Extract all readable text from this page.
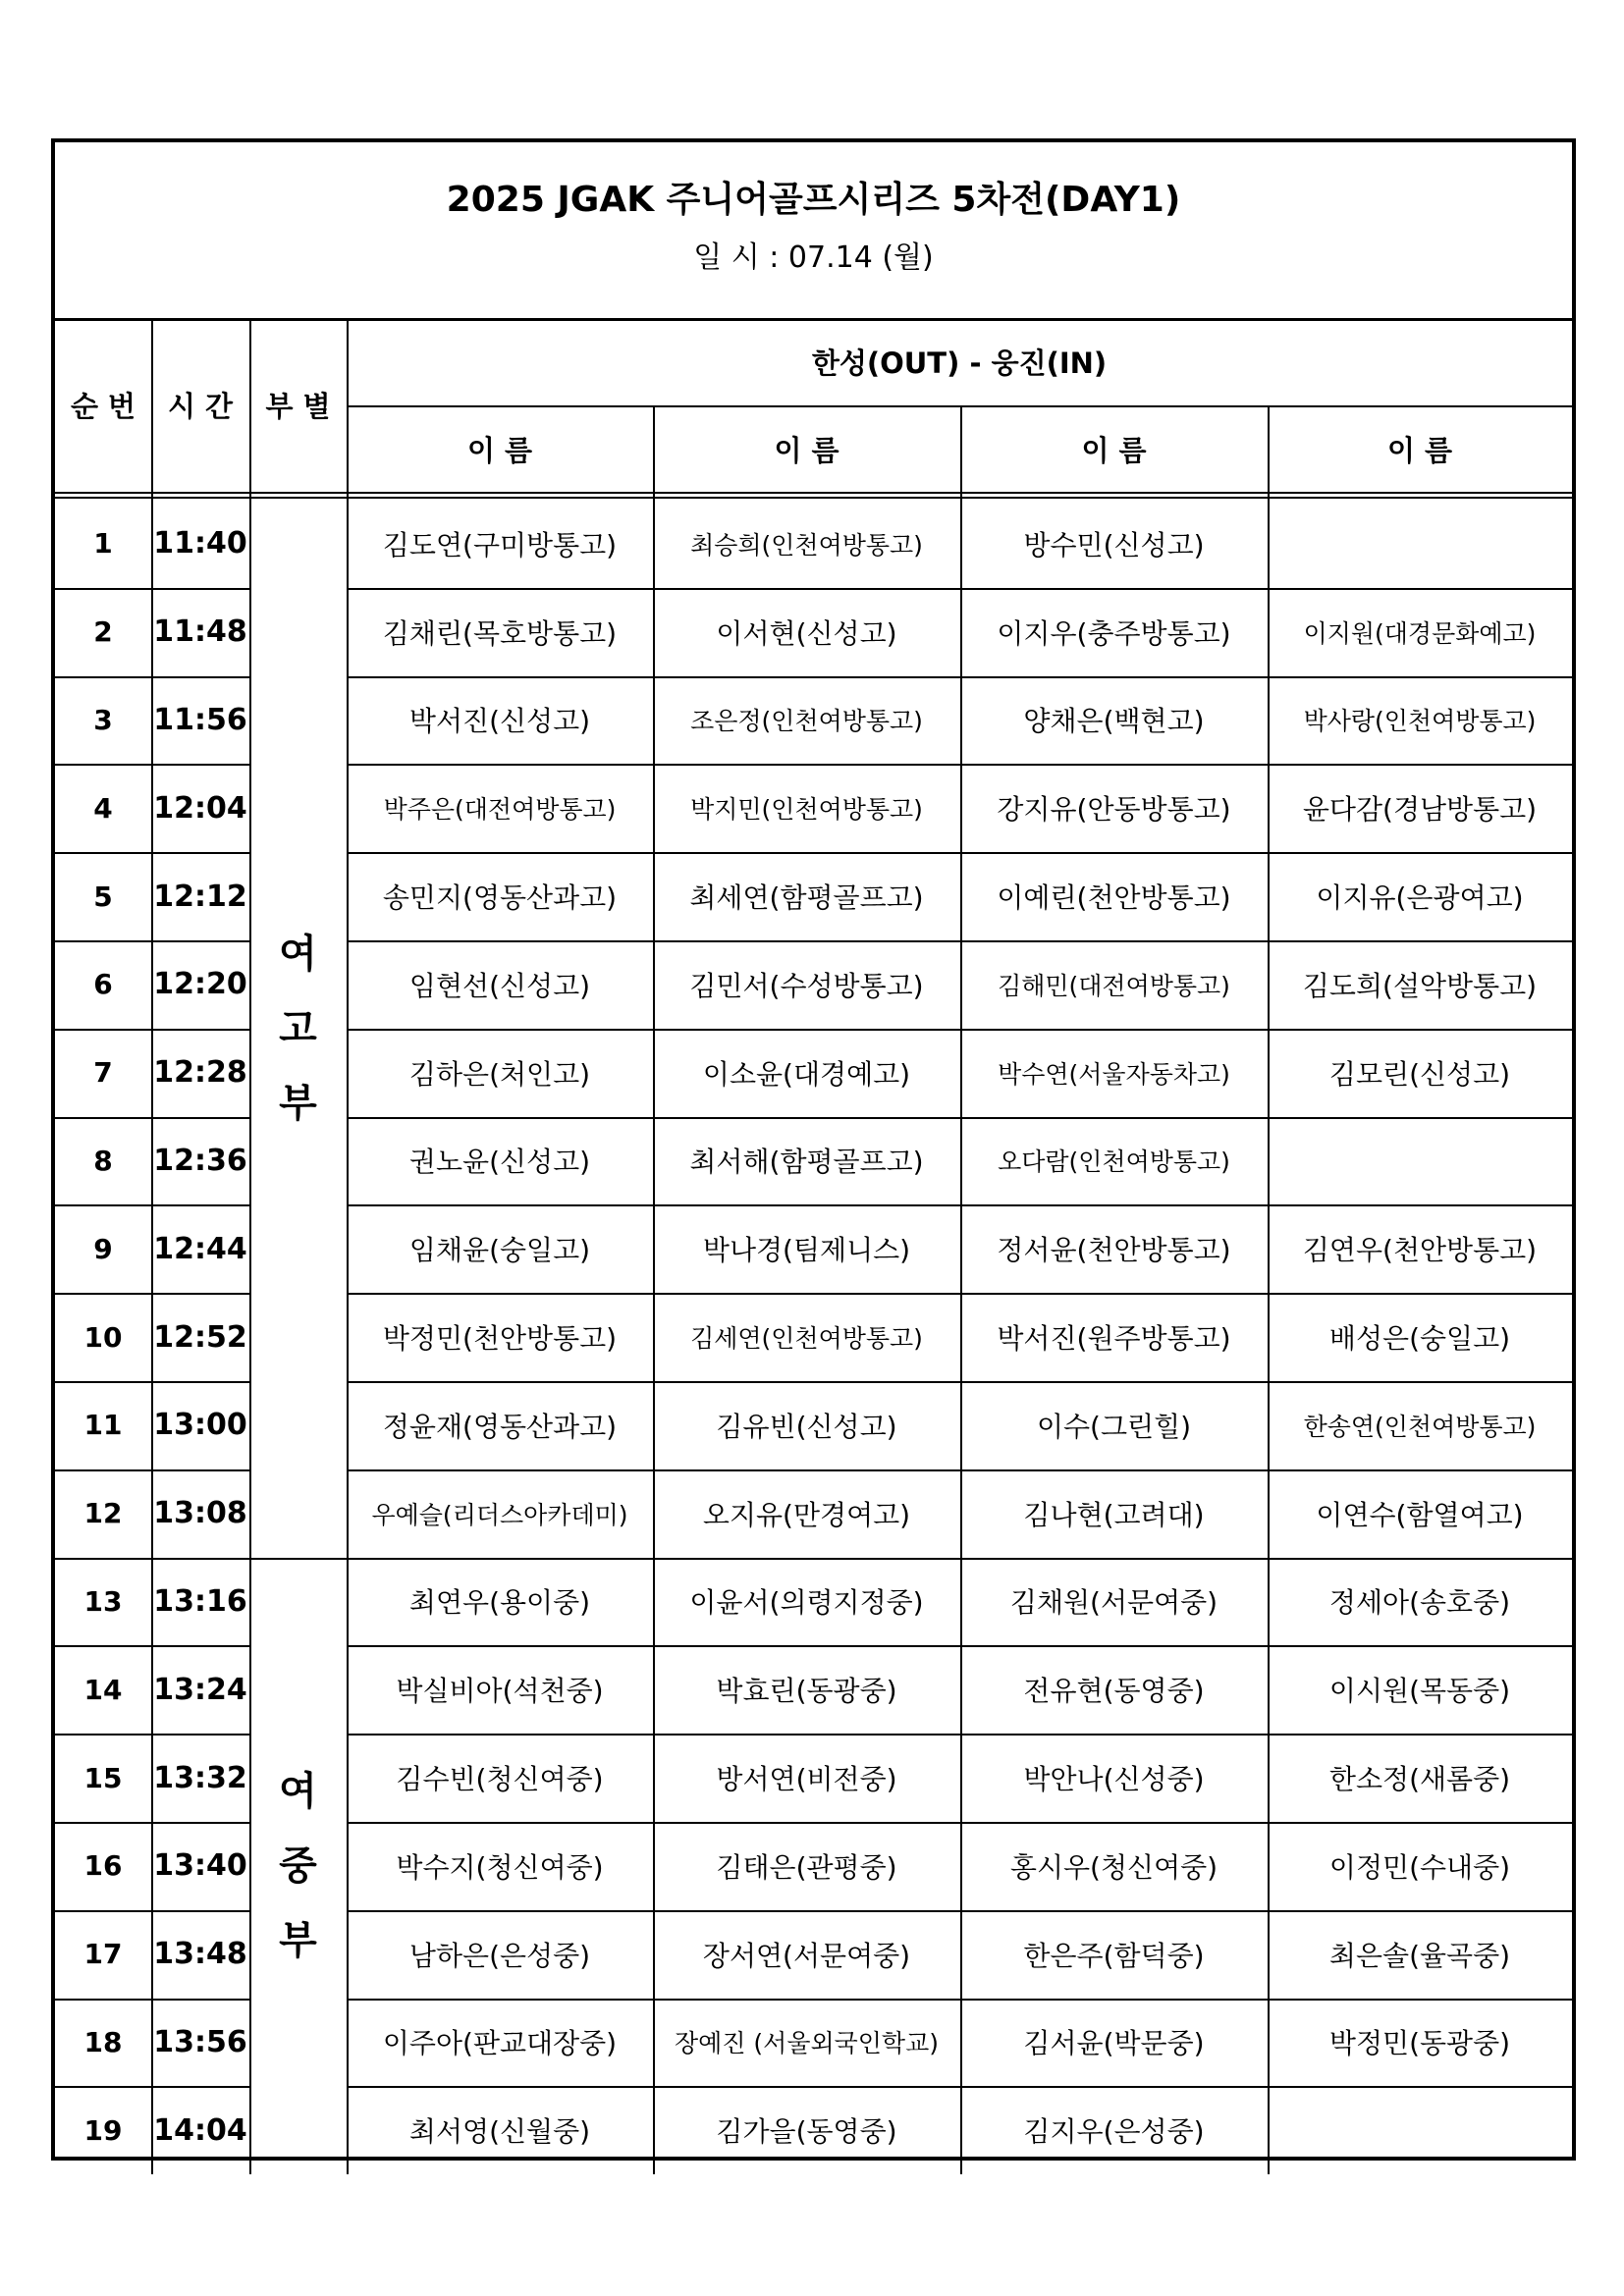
2025 JGAK 주니어골프시리즈 5차전(DAY1)
일 시 : 07.14 (월)
순 번	시 간	부 별
한성(OUT) - 웅진(IN)
이 름	이 름	이 름	이 름
1	11:40	김도연(구미방통고)	최승희(인천여방통고)	방수민(신성고)
2	11:48	김채린(목호방통고)	이서현(신성고)	이지우(충주방통고)	이지원(대경문화예고)
3	11:56	박서진(신성고)	조은정(인천여방통고)	양채은(백현고)	박사랑(인천여방통고)
4	12:04	박주은(대전여방통고)	박지민(인천여방통고)	강지유(안동방통고)	윤다감(경남방통고)
5	12:12	송민지(영동산과고)	최세연(함평골프고)	이예린(천안방통고)	이지유(은광여고)
6	12:20	임현선(신성고)	김민서(수성방통고)	김해민(대전여방통고)	김도희(설악방통고)
7	12:28	김하은(처인고)	이소윤(대경예고)	박수연(서울자동차고)	김모린(신성고)
8	12:36	권노윤(신성고)	최서해(함평골프고)	오다람(인천여방통고)
9	12:44	임채윤(숭일고)	박나경(팀제니스)	정서윤(천안방통고)	김연우(천안방통고)
10	12:52	박정민(천안방통고)	김세연(인천여방통고)	박서진(원주방통고)	배성은(숭일고)
11	13:00	정윤재(영동산과고)	김유빈(신성고)	이수(그린힐)	한송연(인천여방통고)
12	13:08	우예슬(리더스아카데미)	오지유(만경여고)	김나현(고려대)	이연수(함열여고)
13	13:16	최연우(용이중)	이윤서(의령지정중)	김채원(서문여중)	정세아(송호중)
14	13:24	박실비아(석천중)	박효린(동광중)	전유현(동영중)	이시원(목동중)
15	13:32	김수빈(청신여중)	방서연(비전중)	박안나(신성중)	한소정(새롬중)
16	13:40	박수지(청신여중)	김태은(관평중)	홍시우(청신여중)	이정민(수내중)
17	13:48	남하은(은성중)	장서연(서문여중)	한은주(함덕중)	최은솔(율곡중)
18	13:56	이주아(판교대장중)	장예진 (서울외국인학교)	김서윤(박문중)	박정민(동광중)
19	14:04	최서영(신월중)	김가을(동영중)	김지우(은성중)
여
고
부
여
중
부
